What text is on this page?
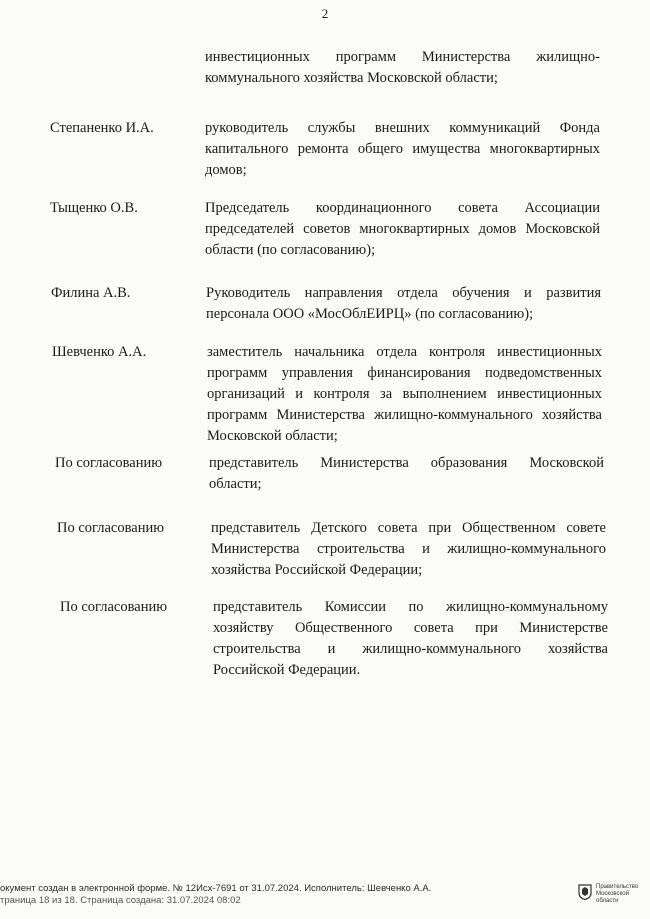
2
инвестиционных программ Министерства жилищно-коммунального хозяйства Московской области;
Степаненко И.А.	руководитель службы внешних коммуникаций Фонда капитального ремонта общего имущества многоквартирных домов;
Тыщенко О.В.	Председатель координационного совета Ассоциации председателей советов многоквартирных домов Московской области (по согласованию);
Филина А.В.	Руководитель направления отдела обучения и развития персонала ООО «МосОблЕИРЦ» (по согласованию);
Шевченко А.А.	заместитель начальника отдела контроля инвестиционных программ управления финансирования подведомственных организаций и контроля за выполнением инвестиционных программ Министерства жилищно-коммунального хозяйства Московской области;
По согласованию	представитель Министерства образования Московской области;
По согласованию	представитель Детского совета при Общественном совете Министерства строительства и жилищно-коммунального хозяйства Российской Федерации;
По согласованию	представитель Комиссии по жилищно-коммунальному хозяйству Общественного совета при Министерстве строительства и жилищно-коммунального хозяйства Российской Федерации.
окумент создан в электронной форме. № 12Исх-7691 от 31.07.2024. Исполнитель: Шевченко А.А.
траница 18 из 18. Страница создана: 31.07.2024 08:02
Правительство
Московской области
